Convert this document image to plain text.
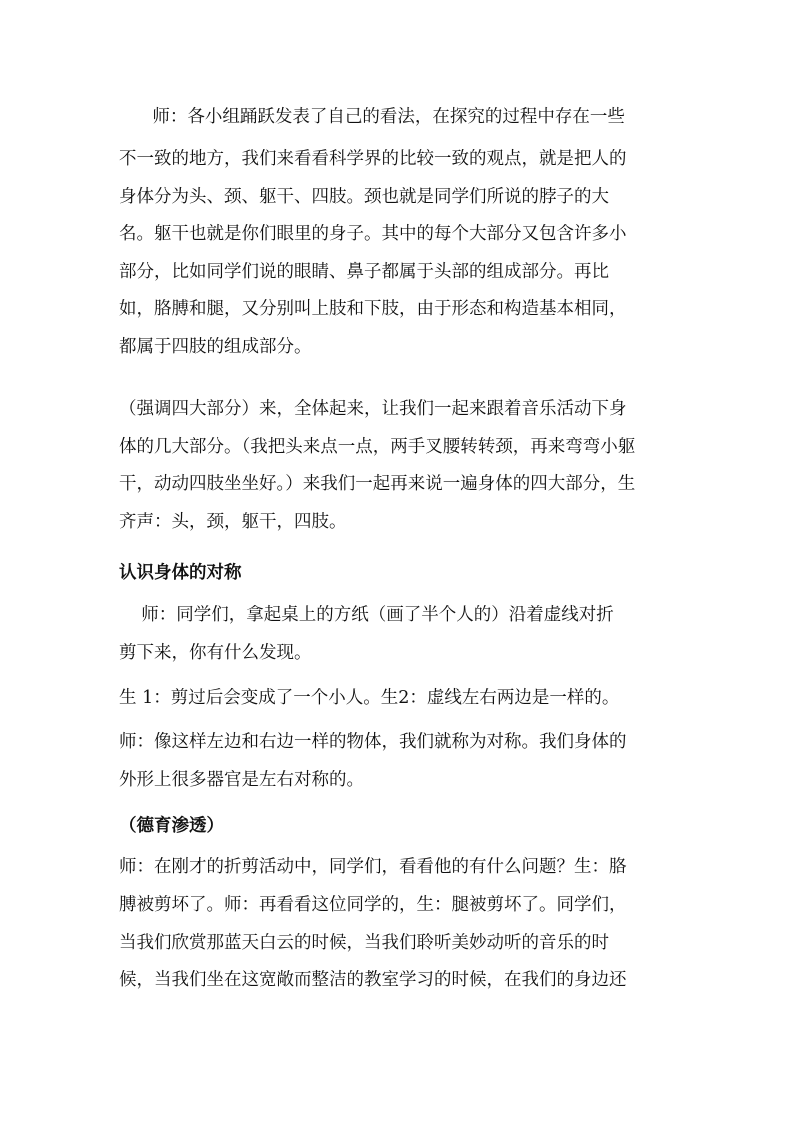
师：各小组踊跃发表了自己的看法，在探究的过程中存在一些
不一致的地方，我们来看看科学界的比较一致的观点，就是把人的
身体分为头、颈、躯干、四肢。颈也就是同学们所说的脖子的大
名。躯干也就是你们眼里的身子。其中的每个大部分又包含许多小
部分，比如同学们说的眼睛、鼻子都属于头部的组成部分。再比
如，胳膊和腿，又分别叫上肢和下肢，由于形态和构造基本相同，
都属于四肢的组成部分。
（强调四大部分）来，全体起来，让我们一起来跟着音乐活动下身
体的几大部分。（我把头来点一点，两手叉腰转转颈，再来弯弯小躯
干，动动四肢坐坐好。）来我们一起再来说一遍身体的四大部分，生
齐声：头，颈，躯干，四肢。
认识身体的对称
师：同学们，拿起桌上的方纸（画了半个人的）沿着虚线对折
剪下来，你有什么发现。
生 1：剪过后会变成了一个小人。生2：虚线左右两边是一样的。
师：像这样左边和右边一样的物体，我们就称为对称。我们身体的
外形上很多器官是左右对称的。
（德育渗透）
师：在刚才的折剪活动中，同学们，看看他的有什么问题？生：胳
膊被剪坏了。师：再看看这位同学的，生：腿被剪坏了。同学们，
当我们欣赏那蓝天白云的时候，当我们聆听美妙动听的音乐的时
候，当我们坐在这宽敞而整洁的教室学习的时候，在我们的身边还
